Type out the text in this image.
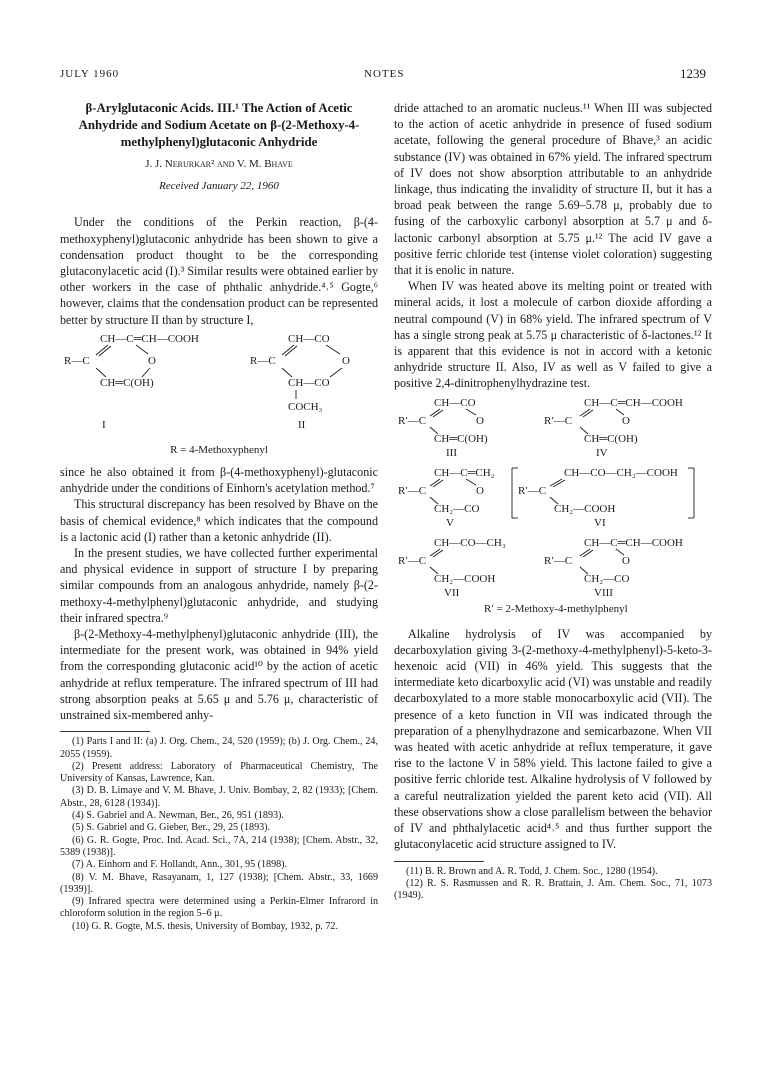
JULY 1960	NOTES	1239
β-Arylglutaconic Acids. III.¹ The Action of Acetic Anhydride and Sodium Acetate on β-(2-Methoxy-4-methylphenyl)glutaconic Anhydride
J. J. Nerurkar² and V. M. Bhave
Received January 22, 1960

Under the conditions of the Perkin reaction, β-(4-methoxyphenyl)glutaconic anhydride has been shown to give a condensation product thought to be the corresponding glutaconylacetic acid (I).³ Similar results were obtained earlier by other workers in the case of phthalic anhydride.⁴˒⁵ Gogte,⁶ however, claims that the condensation product can be represented better by structure II than by structure I,

CH—C═CH—COOH
R—C	O
CH═C(OH)
I
CH—CO
R—C	O
CH—CO
COCH₃
II
R = 4-Methoxyphenyl

since he also obtained it from β-(4-methoxyphenyl)-glutaconic anhydride under the conditions of Einhorn's acetylation method.⁷

This structural discrepancy has been resolved by Bhave on the basis of chemical evidence,⁸ which indicates that the compound is a lactonic acid (I) rather than a ketonic anhydride (II).

In the present studies, we have collected further experimental and physical evidence in support of structure I by preparing similar compounds from an analogous anhydride, namely β-(2-methoxy-4-methylphenyl)glutaconic anhydride, and studying their infrared spectra.⁹

β-(2-Methoxy-4-methylphenyl)glutaconic anhydride (III), the intermediate for the present work, was obtained in 94% yield from the corresponding glutaconic acid¹⁰ by the action of acetic anhydride at reflux temperature. The infrared spectrum of III had strong absorption peaks at 5.65 μ and 5.76 μ, characteristic of unstrained six-membered anhy-

(1) Parts I and II: (a) J. Org. Chem., 24, 520 (1959); (b) J. Org. Chem., 24, 2055 (1959).

(2) Present address: Laboratory of Pharmaceutical Chemistry, The University of Kansas, Lawrence, Kan.

(3) D. B. Limaye and V. M. Bhave, J. Univ. Bombay, 2, 82 (1933); [Chem. Abstr., 28, 6128 (1934)].

(4) S. Gabriel and A. Newman, Ber., 26, 951 (1893).

(5) S. Gabriel and G. Gieber, Ber., 29, 25 (1893).

(6) G. R. Gogte, Proc. Ind. Acad. Sci., 7A, 214 (1938); [Chem. Abstr., 32, 5389 (1938)].

(7) A. Einhorn and F. Hollandt, Ann., 301, 95 (1898).

(8) V. M. Bhave, Rasayanam, 1, 127 (1938); [Chem. Abstr., 33, 1669 (1939)].

(9) Infrared spectra were determined using a Perkin-Elmer Infrarord in chloroform solution in the region 5–6 μ.

(10) G. R. Gogte, M.S. thesis, University of Bombay, 1932, p. 72.

dride attached to an aromatic nucleus.¹¹ When III was subjected to the action of acetic anhydride in presence of fused sodium acetate, following the general procedure of Bhave,³ an acidic substance (IV) was obtained in 67% yield. The infrared spectrum of IV does not show absorption attributable to an anhydride linkage, thus indicating the invalidity of structure II, but it has a broad peak between the range 5.69–5.78 μ, probably due to fusing of the carboxylic carbonyl absorption at 5.7 μ and δ-lactonic carbonyl absorption at 5.75 μ.¹² The acid IV gave a positive ferric chloride test (intense violet coloration) suggesting that it is enolic in nature.

When IV was heated above its melting point or treated with mineral acids, it lost a molecule of carbon dioxide affording a neutral compound (V) in 68% yield. The infrared spectrum of V has a single strong peak at 5.75 μ characteristic of δ-lactones.¹² It is apparent that this evidence is not in accord with a ketonic anhydride structure II. Also, IV as well as V failed to give a positive 2,4-dinitrophenylhydrazine test.

CH—CO
R′—C	O
CH═C(OH)
III
CH—C═CH—COOH
R′—C	O
CH═C(OH)
IV
CH—C═CH₂
R′—C	O
CH₂—CO
V
CH—CO—CH₂—COOH
R′—C
CH₂—COOH
VI
CH—CO—CH₃
R′—C
CH₂—COOH
VII
CH—C═CH—COOH
R′—C	O
CH₂—CO
VIII
R′ = 2-Methoxy-4-methylphenyl

Alkaline hydrolysis of IV was accompanied by decarboxylation giving 3-(2-methoxy-4-methylphenyl)-5-keto-3-hexenoic acid (VII) in 46% yield. This suggests that the intermediate keto dicarboxylic acid (VI) was unstable and readily decarboxylated to a more stable monocarboxylic acid (VII). The presence of a keto function in VII was indicated through the preparation of a phenylhydrazone and semicarbazone. When VII was heated with acetic anhydride at reflux temperature, it gave rise to the lactone V in 58% yield. This lactone failed to give a positive ferric chloride test. Alkaline hydrolysis of V followed by a careful neutralization yielded the parent keto acid (VII). All these observations show a close parallelism between the behavior of IV and phthalylacetic acid⁴˒⁵ and thus further support the glutaconylacetic acid structure assigned to IV.

(11) B. R. Brown and A. R. Todd, J. Chem. Soc., 1280 (1954).

(12) R. S. Rasmussen and R. R. Brattain, J. Am. Chem. Soc., 71, 1073 (1949).
